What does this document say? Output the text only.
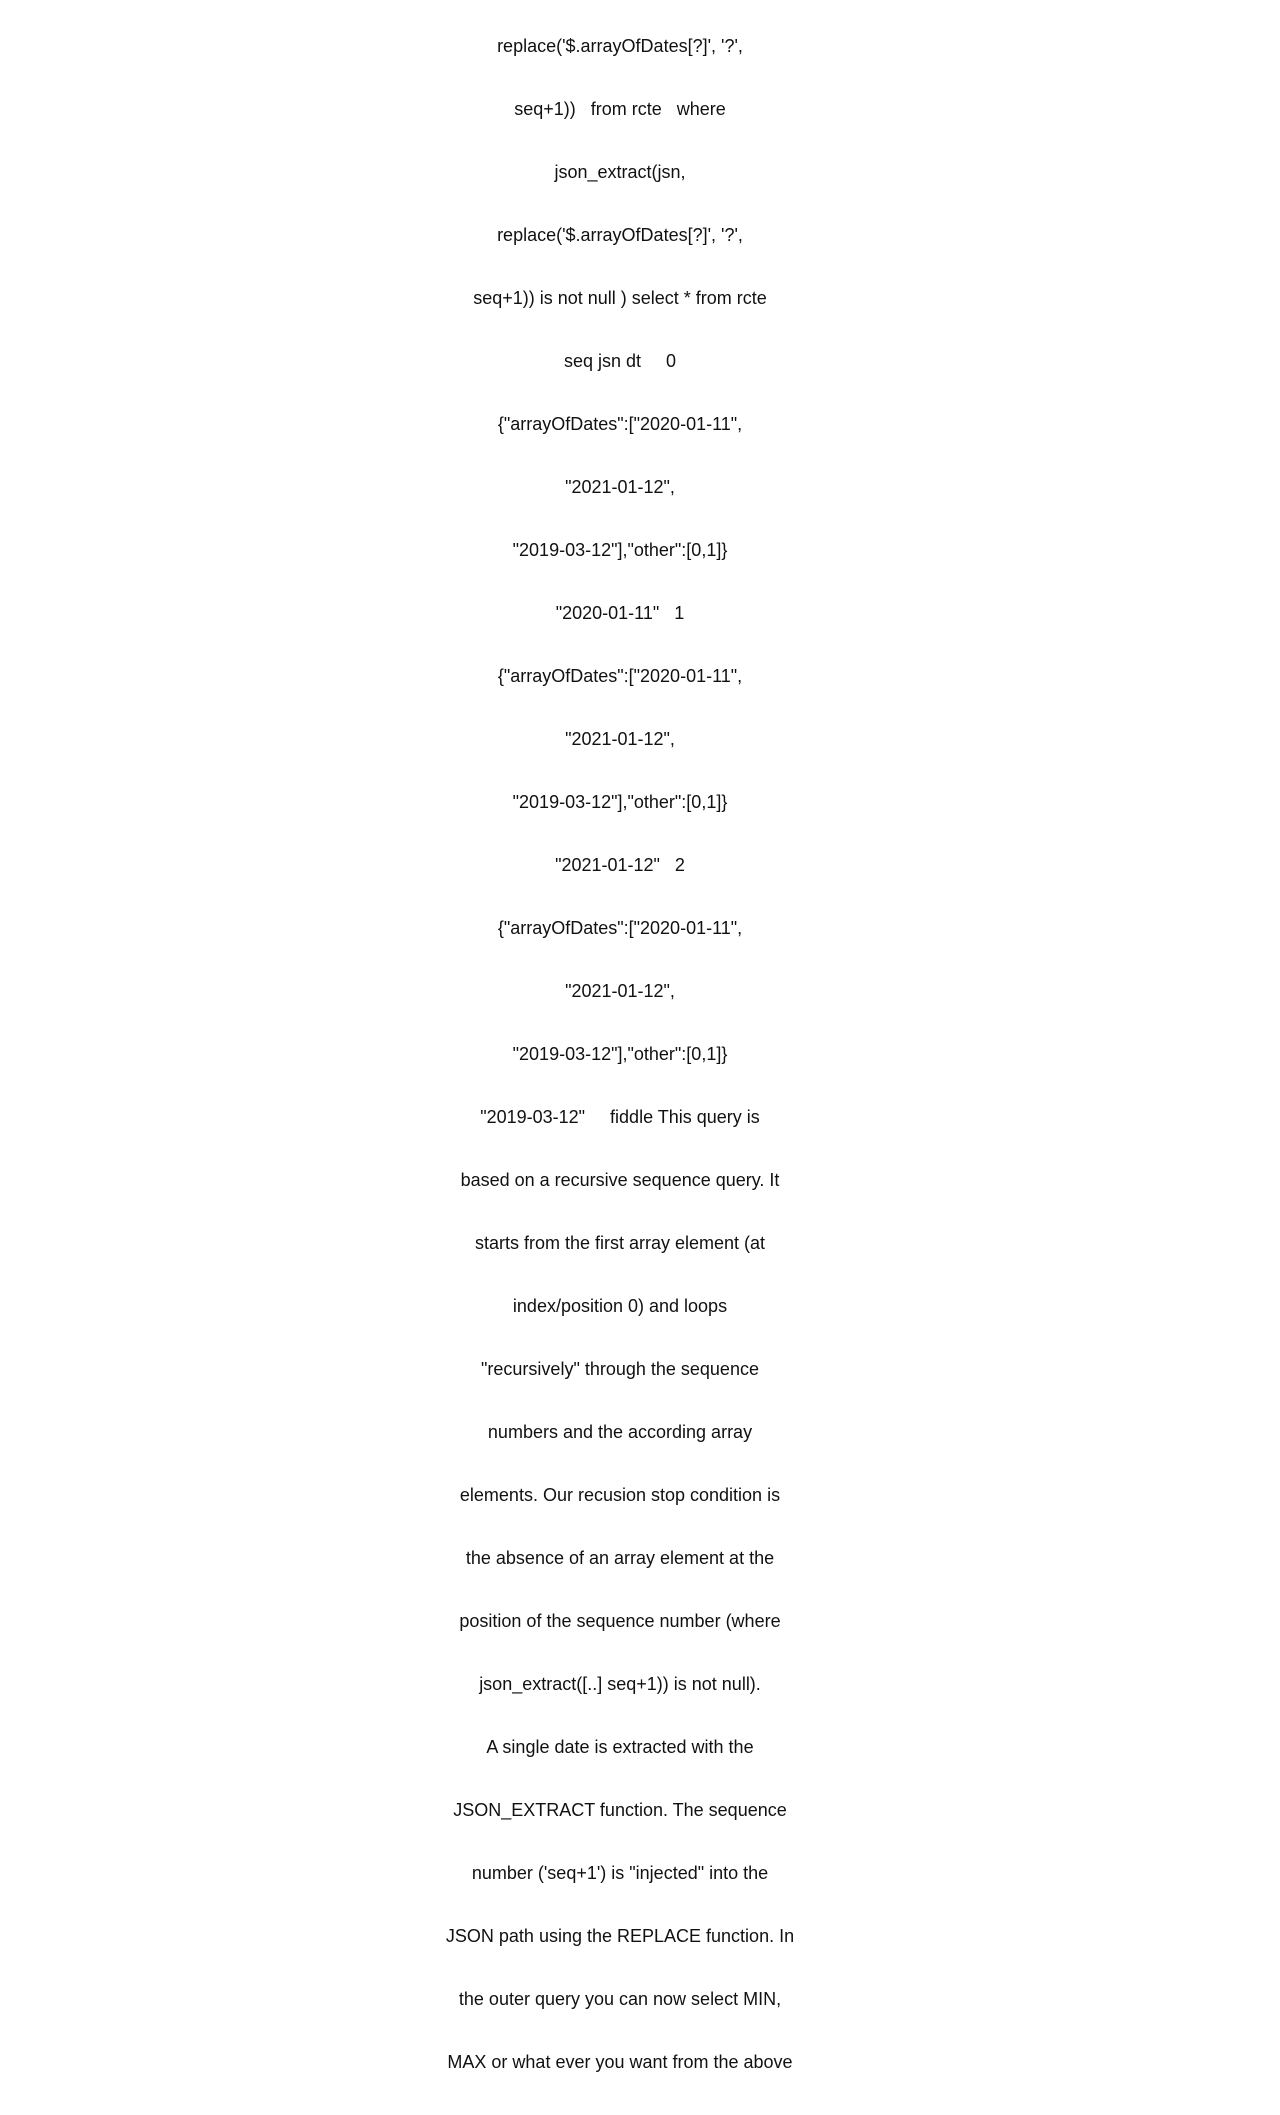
replace('$.arrayOfDates[?]', '?',

seq+1))   from rcte   where

json_extract(jsn,

replace('$.arrayOfDates[?]', '?',

seq+1)) is not null ) select * from rcte

seq jsn dt     0

{"arrayOfDates":["2020-01-11",

"2021-01-12",

"2019-03-12"],"other":[0,1]}

"2020-01-11"   1

{"arrayOfDates":["2020-01-11",

"2021-01-12",

"2019-03-12"],"other":[0,1]}

"2021-01-12"   2

{"arrayOfDates":["2020-01-11",

"2021-01-12",

"2019-03-12"],"other":[0,1]}

"2019-03-12"     fiddle This query is

based on a recursive sequence query. It

starts from the first array element (at

index/position 0) and loops

"recursively" through the sequence

numbers and the according array

elements. Our recusion stop condition is

the absence of an array element at the

position of the sequence number (where

json_extract([..] seq+1)) is not null).

A single date is extracted with the

JSON_EXTRACT function. The sequence

number ('seq+1') is "injected" into the

JSON path using the REPLACE function. In

the outer query you can now select MIN,

MAX or what ever you want from the above
